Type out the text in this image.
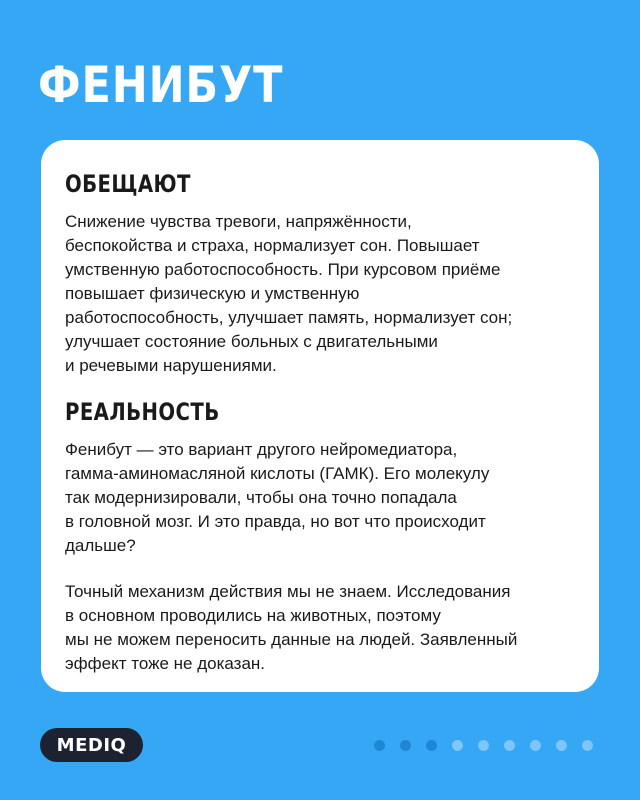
ФЕНИБУТ
ОБЕЩАЮТ
Снижение чувства тревоги, напряжённости,
беспокойства и страха, нормализует сон. Повышает
умственную работоспособность. При курсовом приёме
повышает физическую и умственную
работоспособность, улучшает память, нормализует сон;
улучшает состояние больных с двигательными
и речевыми нарушениями.
РЕАЛЬНОСТЬ
Фенибут — это вариант другого нейромедиатора,
гамма-аминомасляной кислоты (ГАМК). Его молекулу
так модернизировали, чтобы она точно попадала
в головной мозг. И это правда, но вот что происходит
дальше?
Точный механизм действия мы не знаем. Исследования
в основном проводились на животных, поэтому
мы не можем переносить данные на людей. Заявленный
эффект тоже не доказан.
MEDIQ
